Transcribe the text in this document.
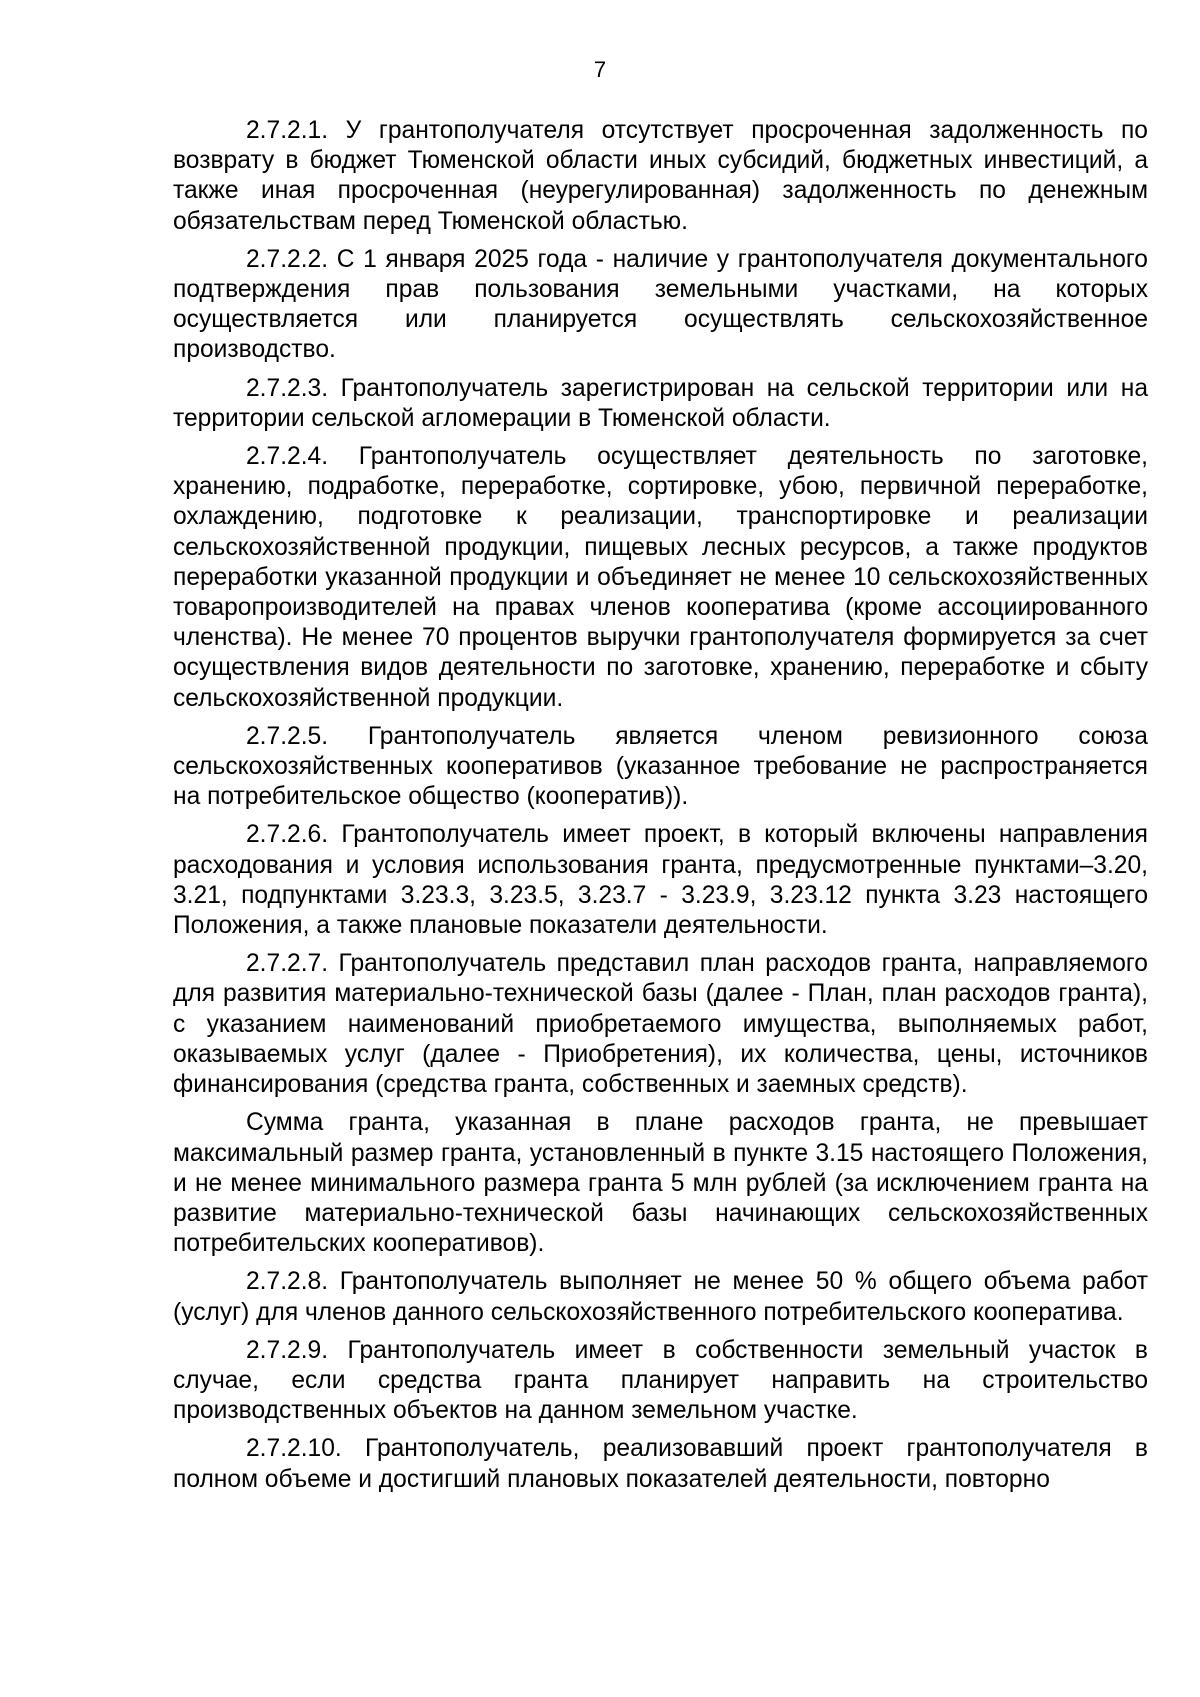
7

2.7.2.1. У грантополучателя отсутствует просроченная задолженность по возврату в бюджет Тюменской области иных субсидий, бюджетных инвестиций, а также иная просроченная (неурегулированная) задолженность по денежным обязательствам перед Тюменской областью.

2.7.2.2. С 1 января 2025 года - наличие у грантополучателя документального подтверждения прав пользования земельными участками, на которых осуществляется или планируется осуществлять сельскохозяйственное производство.

2.7.2.3. Грантополучатель зарегистрирован на сельской территории или на территории сельской агломерации в Тюменской области.

2.7.2.4. Грантополучатель осуществляет деятельность по заготовке, хранению, подработке, переработке, сортировке, убою, первичной переработке, охлаждению, подготовке к реализации, транспортировке и реализации сельскохозяйственной продукции, пищевых лесных ресурсов, а также продуктов переработки указанной продукции и объединяет не менее 10 сельскохозяйственных товаропроизводителей на правах членов кооператива (кроме ассоциированного членства). Не менее 70 процентов выручки грантополучателя формируется за счет осуществления видов деятельности по заготовке, хранению, переработке и сбыту сельскохозяйственной продукции.

2.7.2.5. Грантополучатель является членом ревизионного союза сельскохозяйственных кооперативов (указанное требование не распространяется на потребительское общество (кооператив)).

2.7.2.6. Грантополучатель имеет проект, в который включены направления расходования и условия использования гранта, предусмотренные пунктами–3.20, 3.21, подпунктами 3.23.3, 3.23.5, 3.23.7 - 3.23.9, 3.23.12 пункта 3.23 настоящего Положения, а также плановые показатели деятельности.

2.7.2.7. Грантополучатель представил план расходов гранта, направляемого для развития материально-технической базы (далее - План, план расходов гранта), с указанием наименований приобретаемого имущества, выполняемых работ, оказываемых услуг (далее - Приобретения), их количества, цены, источников финансирования (средства гранта, собственных и заемных средств).

Сумма гранта, указанная в плане расходов гранта, не превышает максимальный размер гранта, установленный в пункте 3.15 настоящего Положения, и не менее минимального размера гранта 5 млн рублей (за исключением гранта на развитие материально-технической базы начинающих сельскохозяйственных потребительских кооперативов).

2.7.2.8. Грантополучатель выполняет не менее 50 % общего объема работ (услуг) для членов данного сельскохозяйственного потребительского кооператива.

2.7.2.9. Грантополучатель имеет в собственности земельный участок в случае, если средства гранта планирует направить на строительство производственных объектов на данном земельном участке.

2.7.2.10. Грантополучатель, реализовавший проект грантополучателя в полном объеме и достигший плановых показателей деятельности, повторно
